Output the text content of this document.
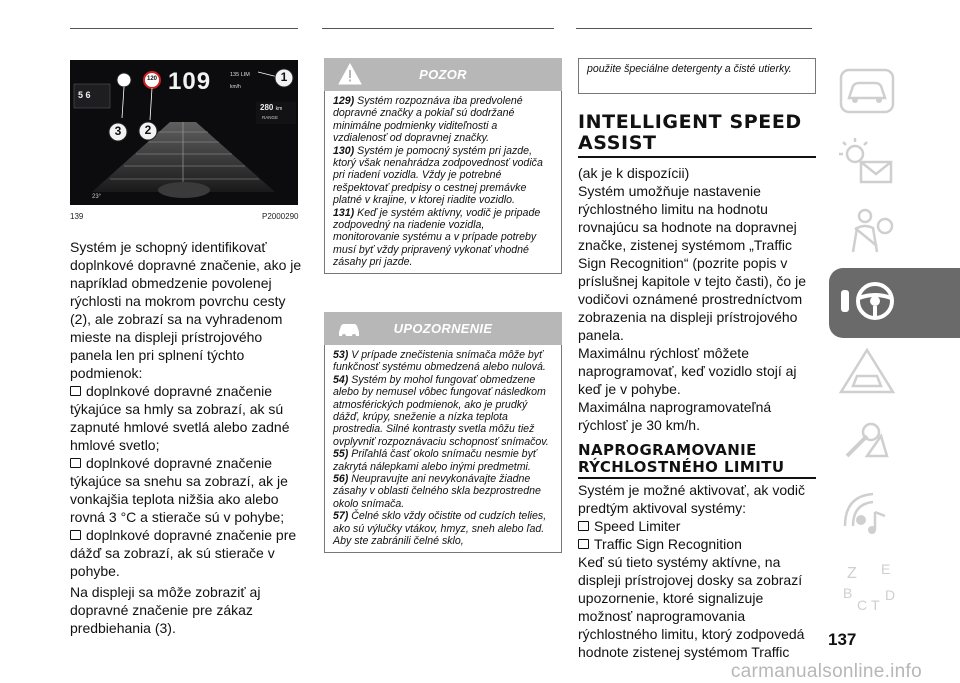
3 2
1
120 109	km/h
135 LIM
5 6
280 km
RANGE
23°
139	P2000290
Systém je schopný identifikovať doplnkové dopravné značenie, ako je napríklad obmedzenie povolenej rýchlosti na mokrom povrchu cesty (2), ale zobrazí sa na vyhradenom mieste na displeji prístrojového panela len pri splnení týchto podmienok:
doplnkové dopravné značenie týkajúce sa hmly sa zobrazí, ak sú zapnuté hmlové svetlá alebo zadné hmlové svetlo;
doplnkové dopravné značenie týkajúce sa snehu sa zobrazí, ak je vonkajšia teplota nižšia ako alebo rovná 3 °C a stierače sú v pohybe;
doplnkové dopravné značenie pre dážď sa zobrazí, ak sú stierače v pohybe.
Na displeji sa môže zobraziť aj dopravné značenie pre zákaz predbiehania (3).
POZOR

129) Systém rozpoznáva iba predvolené dopravné značky a pokiaľ sú dodržané minimálne podmienky viditeľnosti a vzdialenosť od dopravnej značky.

130) Systém je pomocný systém pri jazde, ktorý však nenahrádza zodpovednosť vodiča pri riadení vozidla. Vždy je potrebné rešpektovať predpisy o cestnej premávke platné v krajine, v ktorej riadite vozidlo.

131) Keď je systém aktívny, vodič je pripade zodpovedný na riadenie vozidla, monitorovanie systému a v prípade potreby musí byť vždy pripravený vykonať vhodné zásahy pri jazde.

UPOZORNENIE

53) V prípade znečistenia snímača môže byť funkčnosť systému obmedzená alebo nulová.

54) Systém by mohol fungovať obmedzene alebo by nemusel vôbec fungovať následkom atmosférických podmienok, ako je prudký dážď, krúpy, sneženie a nízka teplota prostredia. Silné kontrasty svetla môžu tiež ovplyvniť rozpoznávaciu schopnosť snímačov.

55) Priľahlá časť okolo snímaču nesmie byť zakrytá nálepkami alebo inými predmetmi.

56) Neupravujte ani nevykonávajte žiadne zásahy v oblasti čelného skla bezprostredne okolo snímača.

57) Čelné sklo vždy očistite od cudzích telies, ako sú výlučky vtákov, hmyz, sneh alebo ľad. Aby ste zabránili čelné sklo,

použite špeciálne detergenty a čisté utierky.
INTELLIGENT SPEED
ASSIST
(ak je k dispozícii)
Systém umožňuje nastavenie rýchlostného limitu na hodnotu rovnajúcu sa hodnote na dopravnej značke, zistenej systémom „Traffic Sign Recognition“ (pozrite popis v príslušnej kapitole v tejto časti), čo je vodičovi oznámené prostredníctvom zobrazenia na displeji prístrojového panela.
Maximálnu rýchlosť môžete naprogramovať, keď vozidlo stojí aj keď je v pohybe.
Maximálna naprogramovateľná rýchlosť je 30 km/h.
NAPROGRAMOVANIE
RÝCHLOSTNÉHO LIMITU
Systém je možné aktivovať, ak vodič predtým aktivoval systémy:
Speed Limiter
Traffic Sign Recognition
Keď sú tieto systémy aktívne, na displeji prístrojovej dosky sa zobrazí upozornenie, ktoré signalizuje možnosť naprogramovania rýchlostného limitu, ktorý zodpovedá hodnote zistenej systémom Traffic
Z E
B D
C T
137
carmanualsonline.info
